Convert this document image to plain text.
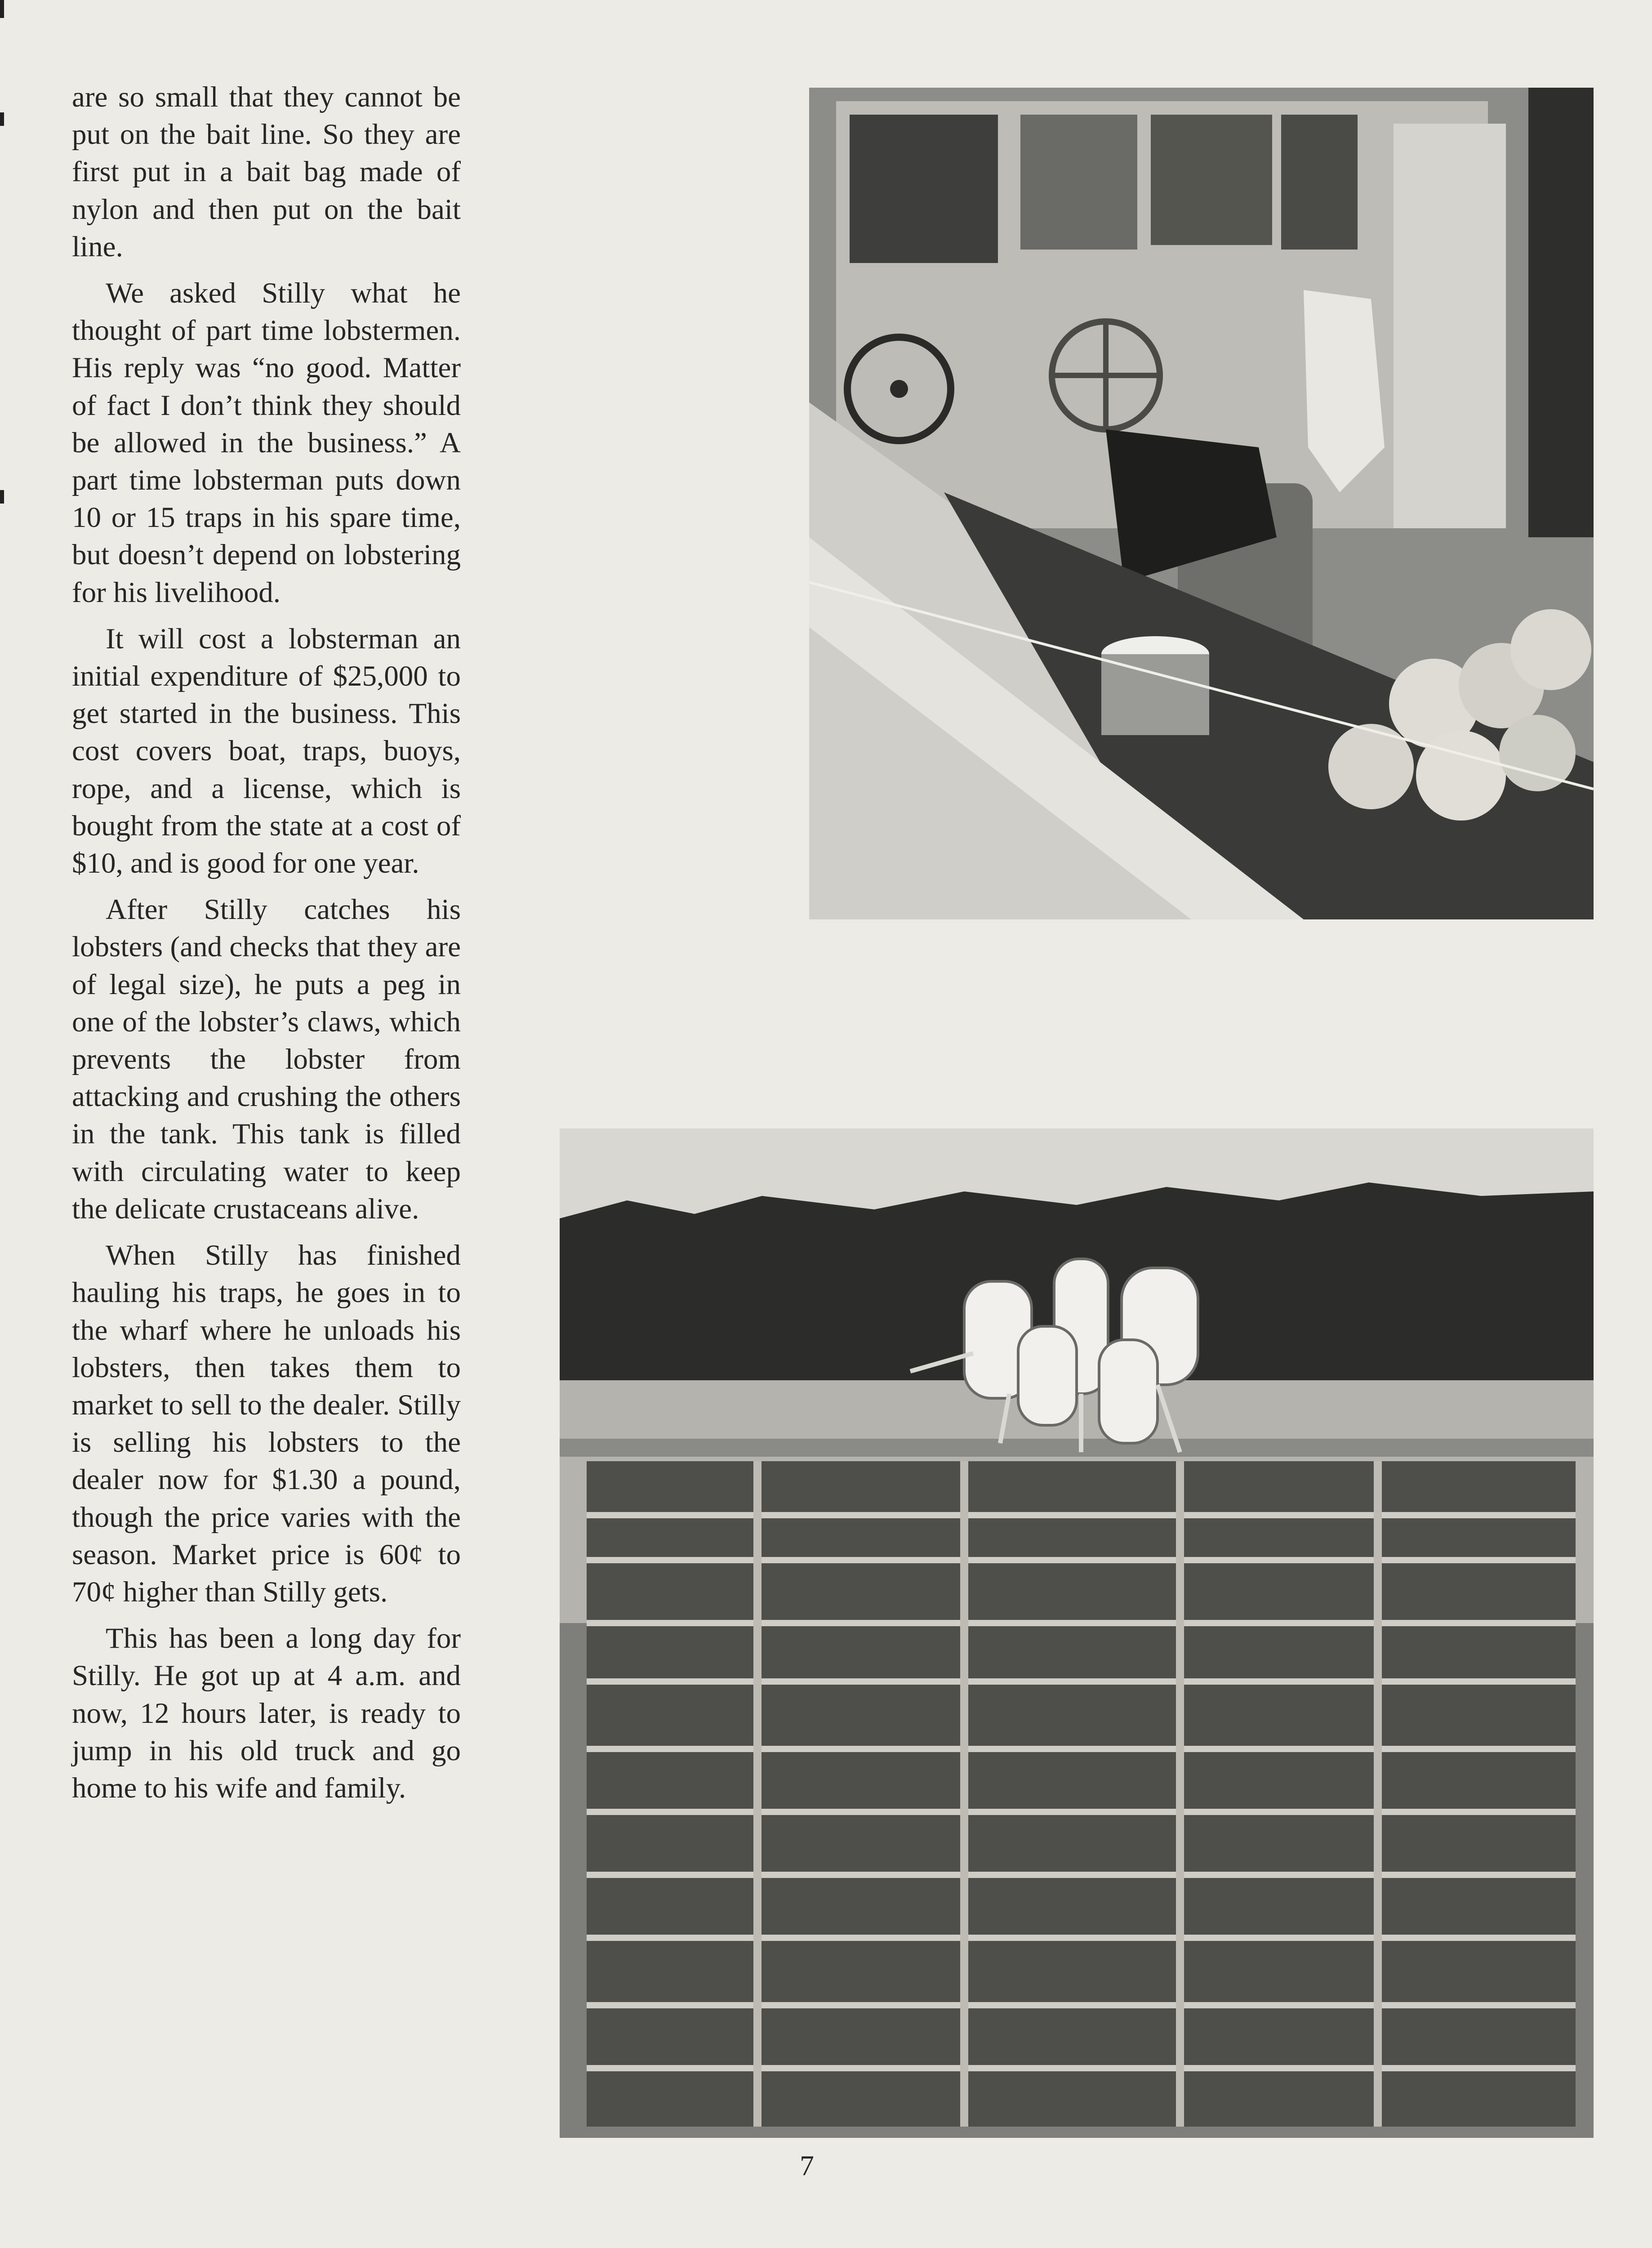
are so small that they cannot be put on the bait line. So they are first put in a bait bag made of nylon and then put on the bait line.

We asked Stilly what he thought of part time lobstermen. His reply was “no good. Matter of fact I don’t think they should be allowed in the business.” A part time lobsterman puts down 10 or 15 traps in his spare time, but doesn’t depend on lobstering for his livelihood.

It will cost a lobsterman an initial expenditure of $25,000 to get started in the business. This cost covers boat, traps, buoys, rope, and a license, which is bought from the state at a cost of $10, and is good for one year.

After Stilly catches his lobsters (and checks that they are of legal size), he puts a peg in one of the lobster’s claws, which prevents the lobster from attacking and crushing the others in the tank. This tank is filled with circulating water to keep the delicate crustaceans alive.

When Stilly has finished hauling his traps, he goes in to the wharf where he unloads his lobsters, then takes them to market to sell to the dealer. Stilly is selling his lobsters to the dealer now for $1.30 a pound, though the price varies with the season. Market price is 60¢ to 70¢ higher than Stilly gets.

This has been a long day for Stilly. He got up at 4 a.m. and now, 12 hours later, is ready to jump in his old truck and go home to his wife and family.

7
